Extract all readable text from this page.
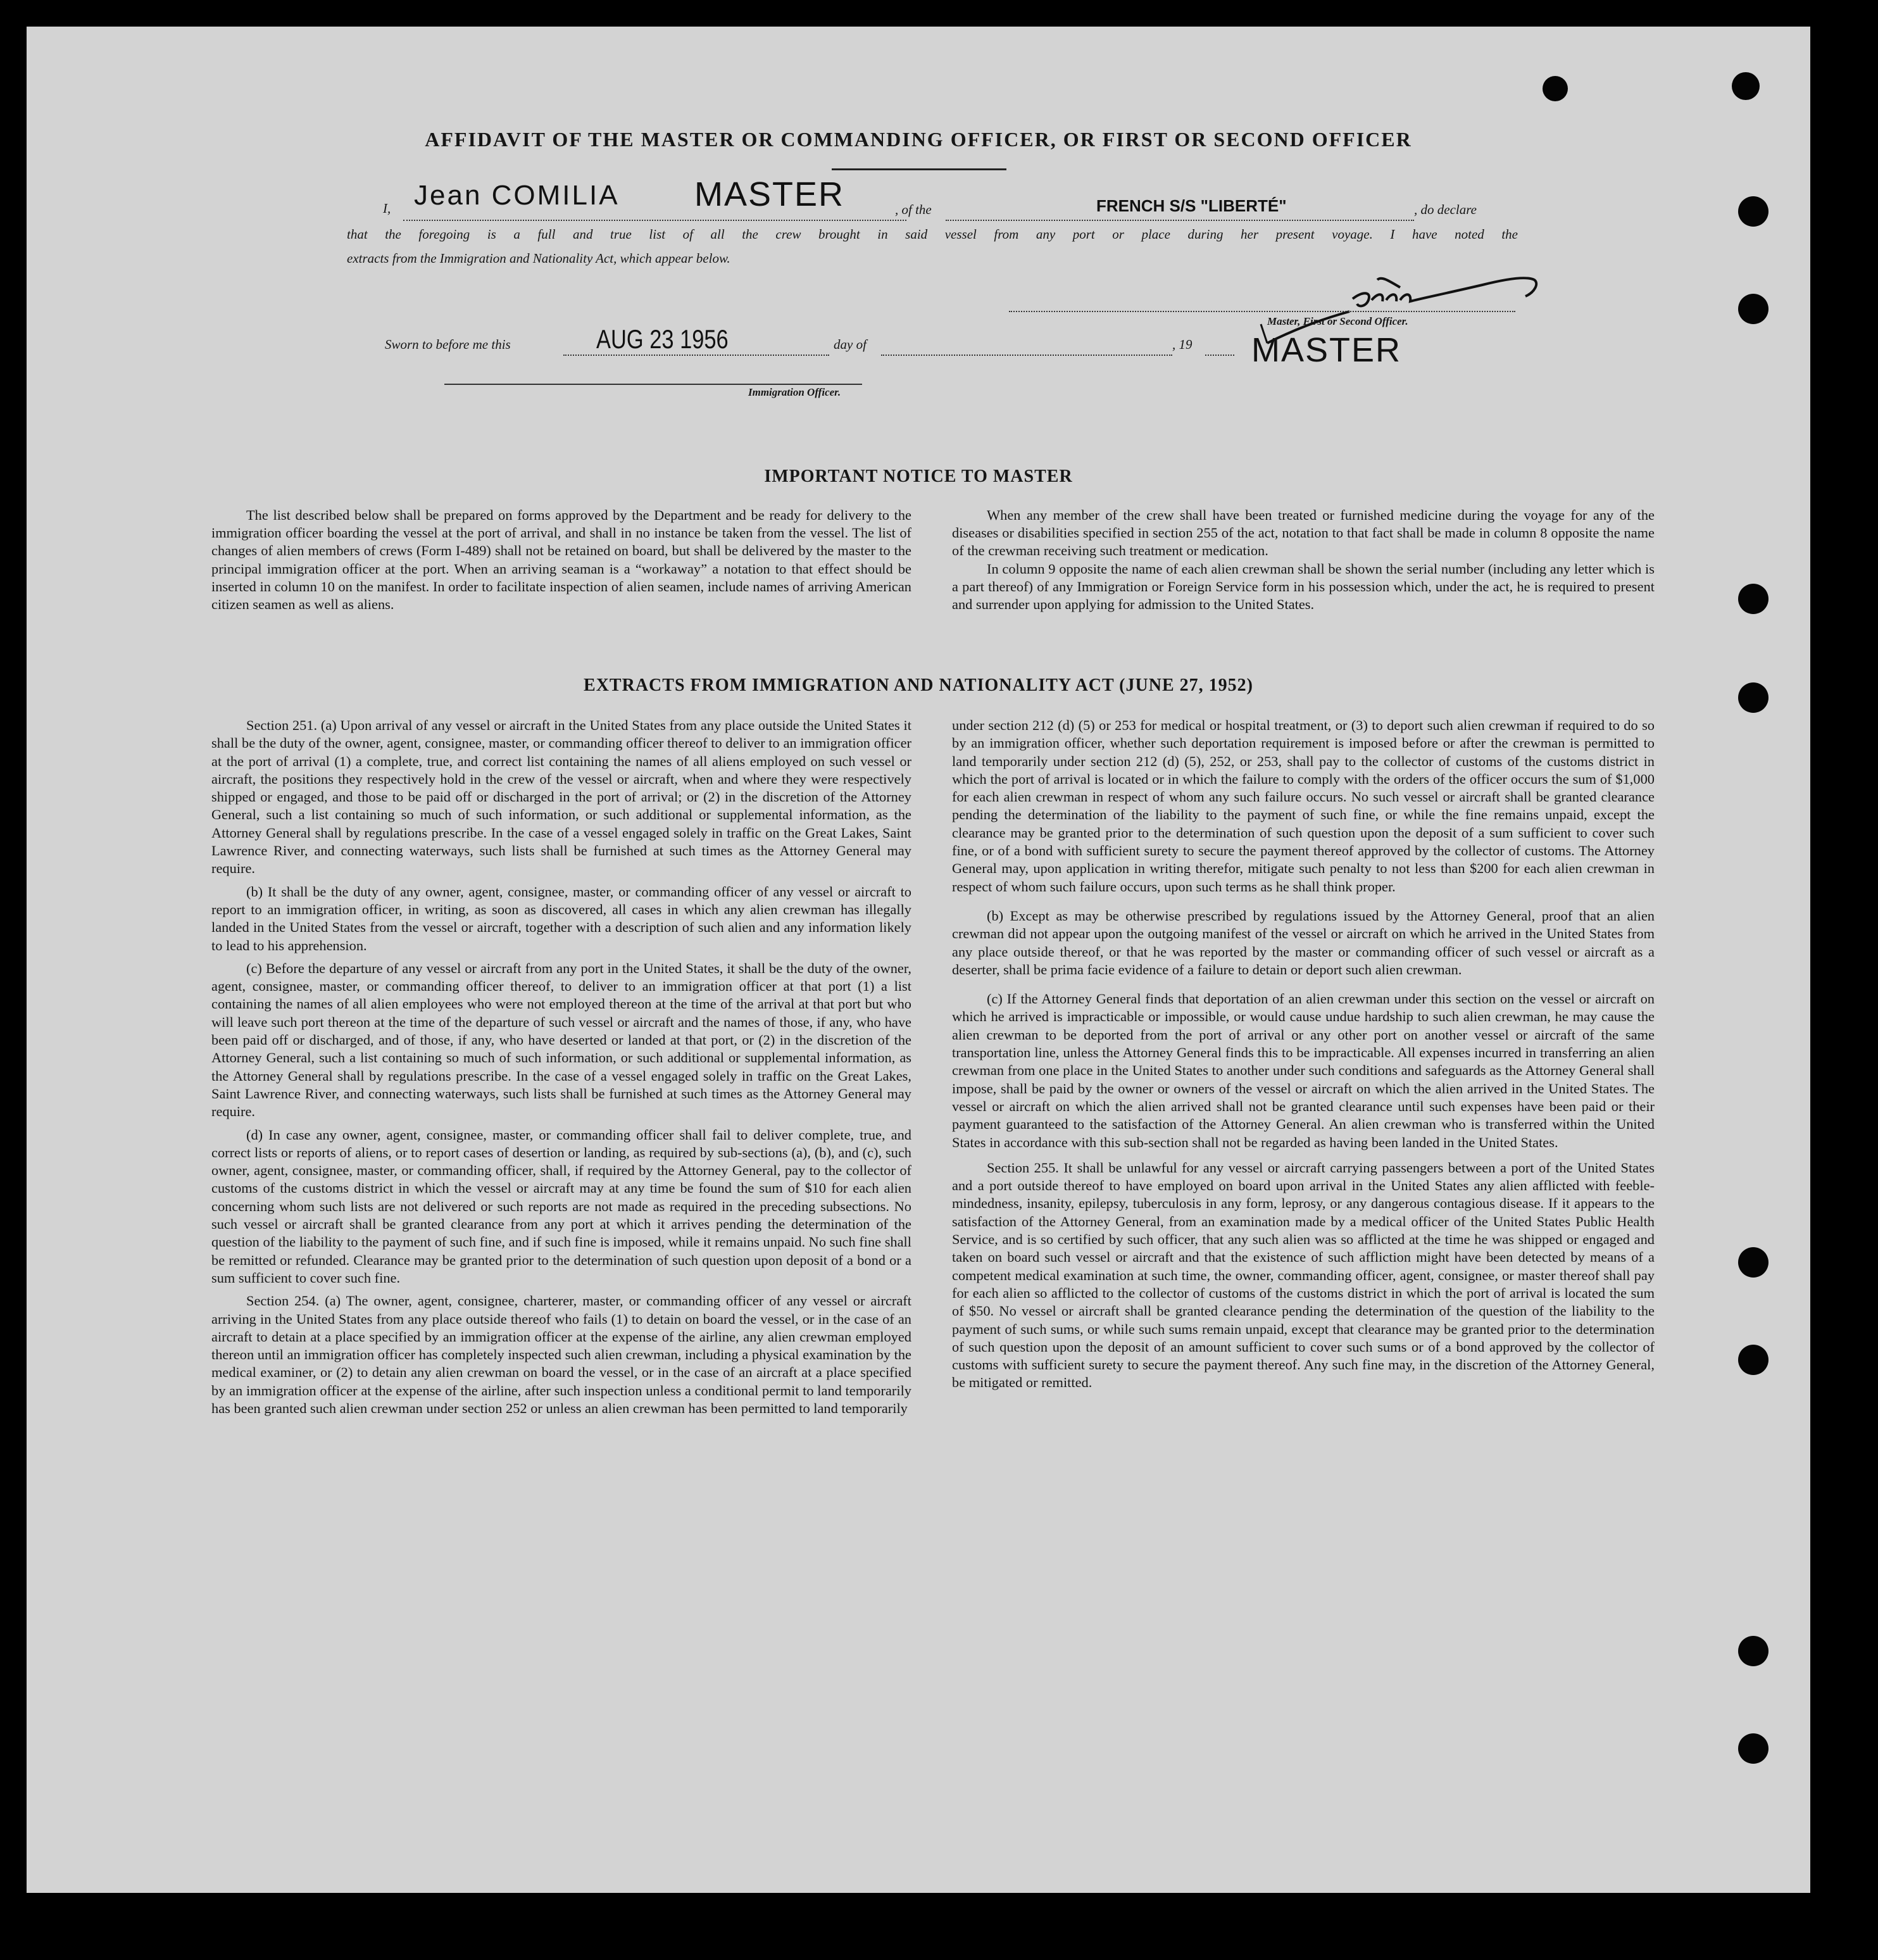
AFFIDAVIT OF THE MASTER OR COMMANDING OFFICER, OR FIRST OR SECOND OFFICER
I, Jean COMILIA MASTER	, of the	FRENCH S/S "LIBERTÉ"	, do declare
that the foregoing is a full and true list of all the crew brought in said vessel from any port or place during her present voyage. I have noted the
extracts from the Immigration and Nationality Act, which appear below.
Master, First or Second Officer.
MASTER
Sworn to before me this	AUG 23 1956	day of	, 19
Immigration Officer.
IMPORTANT NOTICE TO MASTER

The list described below shall be prepared on forms approved by the Department and be ready for delivery to the immigration officer boarding the vessel at the port of arrival, and shall in no instance be taken from the vessel. The list of changes of alien members of crews (Form I-489) shall not be retained on board, but shall be delivered by the master to the principal immigration officer at the port. When an arriving seaman is a “workaway” a notation to that effect should be inserted in column 10 on the manifest. In order to facilitate inspection of alien seamen, include names of arriving American citizen seamen as well as aliens.

When any member of the crew shall have been treated or furnished medicine during the voyage for any of the diseases or disabilities specified in section 255 of the act, notation to that fact shall be made in column 8 opposite the name of the crewman receiving such treatment or medication.

In column 9 opposite the name of each alien crewman shall be shown the serial number (including any letter which is a part thereof) of any Immigration or Foreign Service form in his possession which, under the act, he is required to present and surrender upon applying for admission to the United States.

EXTRACTS FROM IMMIGRATION AND NATIONALITY ACT (JUNE 27, 1952)

Section 251. (a) Upon arrival of any vessel or aircraft in the United States from any place outside the United States it shall be the duty of the owner, agent, consignee, master, or commanding officer thereof to deliver to an immigration officer at the port of arrival (1) a complete, true, and correct list containing the names of all aliens employed on such vessel or aircraft, the positions they respectively hold in the crew of the vessel or aircraft, when and where they were respectively shipped or engaged, and those to be paid off or discharged in the port of arrival; or (2) in the discretion of the Attorney General, such a list containing so much of such information, or such additional or supplemental information, as the Attorney General shall by regulations prescribe. In the case of a vessel engaged solely in traffic on the Great Lakes, Saint Lawrence River, and connecting waterways, such lists shall be furnished at such times as the Attorney General may require.

(b) It shall be the duty of any owner, agent, consignee, master, or commanding officer of any vessel or aircraft to report to an immigration officer, in writing, as soon as discovered, all cases in which any alien crewman has illegally landed in the United States from the vessel or aircraft, together with a description of such alien and any information likely to lead to his apprehension.

(c) Before the departure of any vessel or aircraft from any port in the United States, it shall be the duty of the owner, agent, consignee, master, or commanding officer thereof, to deliver to an immigration officer at that port (1) a list containing the names of all alien employees who were not employed thereon at the time of the arrival at that port but who will leave such port thereon at the time of the departure of such vessel or aircraft and the names of those, if any, who have been paid off or discharged, and of those, if any, who have deserted or landed at that port, or (2) in the discretion of the Attorney General, such a list containing so much of such information, or such additional or supplemental information, as the Attorney General shall by regulations prescribe. In the case of a vessel engaged solely in traffic on the Great Lakes, Saint Lawrence River, and connecting waterways, such lists shall be furnished at such times as the Attorney General may require.

(d) In case any owner, agent, consignee, master, or commanding officer shall fail to deliver complete, true, and correct lists or reports of aliens, or to report cases of desertion or landing, as required by sub-sections (a), (b), and (c), such owner, agent, consignee, master, or commanding officer, shall, if required by the Attorney General, pay to the collector of customs of the customs district in which the vessel or aircraft may at any time be found the sum of $10 for each alien concerning whom such lists are not delivered or such reports are not made as required in the preceding subsections. No such vessel or aircraft shall be granted clearance from any port at which it arrives pending the determination of the question of the liability to the payment of such fine, and if such fine is imposed, while it remains unpaid. No such fine shall be remitted or refunded. Clearance may be granted prior to the determination of such question upon deposit of a bond or a sum sufficient to cover such fine.

Section 254. (a) The owner, agent, consignee, charterer, master, or commanding officer of any vessel or aircraft arriving in the United States from any place outside thereof who fails (1) to detain on board the vessel, or in the case of an aircraft to detain at a place specified by an immigration officer at the expense of the airline, any alien crewman employed thereon until an immigration officer has completely inspected such alien crewman, including a physical examination by the medical examiner, or (2) to detain any alien crewman on board the vessel, or in the case of an aircraft at a place specified by an immigration officer at the expense of the airline, after such inspection unless a conditional permit to land temporarily has been granted such alien crewman under section 252 or unless an alien crewman has been permitted to land temporarily

under section 212 (d) (5) or 253 for medical or hospital treatment, or (3) to deport such alien crewman if required to do so by an immigration officer, whether such deportation requirement is imposed before or after the crewman is permitted to land temporarily under section 212 (d) (5), 252, or 253, shall pay to the collector of customs of the customs district in which the port of arrival is located or in which the failure to comply with the orders of the officer occurs the sum of $1,000 for each alien crewman in respect of whom any such failure occurs. No such vessel or aircraft shall be granted clearance pending the determination of the liability to the payment of such fine, or while the fine remains unpaid, except the clearance may be granted prior to the determination of such question upon the deposit of a sum sufficient to cover such fine, or of a bond with sufficient surety to secure the payment thereof approved by the collector of customs. The Attorney General may, upon application in writing therefor, mitigate such penalty to not less than $200 for each alien crewman in respect of whom such failure occurs, upon such terms as he shall think proper.

(b) Except as may be otherwise prescribed by regulations issued by the Attorney General, proof that an alien crewman did not appear upon the outgoing manifest of the vessel or aircraft on which he arrived in the United States from any place outside thereof, or that he was reported by the master or commanding officer of such vessel or aircraft as a deserter, shall be prima facie evidence of a failure to detain or deport such alien crewman.

(c) If the Attorney General finds that deportation of an alien crewman under this section on the vessel or aircraft on which he arrived is impracticable or impossible, or would cause undue hardship to such alien crewman, he may cause the alien crewman to be deported from the port of arrival or any other port on another vessel or aircraft of the same transportation line, unless the Attorney General finds this to be impracticable. All expenses incurred in transferring an alien crewman from one place in the United States to another under such conditions and safeguards as the Attorney General shall impose, shall be paid by the owner or owners of the vessel or aircraft on which the alien arrived in the United States. The vessel or aircraft on which the alien arrived shall not be granted clearance until such expenses have been paid or their payment guaranteed to the satisfaction of the Attorney General. An alien crewman who is transferred within the United States in accordance with this sub-section shall not be regarded as having been landed in the United States.

Section 255. It shall be unlawful for any vessel or aircraft carrying passengers between a port of the United States and a port outside thereof to have employed on board upon arrival in the United States any alien afflicted with feeble-mindedness, insanity, epilepsy, tuberculosis in any form, leprosy, or any dangerous contagious disease. If it appears to the satisfaction of the Attorney General, from an examination made by a medical officer of the United States Public Health Service, and is so certified by such officer, that any such alien was so afflicted at the time he was shipped or engaged and taken on board such vessel or aircraft and that the existence of such affliction might have been detected by means of a competent medical examination at such time, the owner, commanding officer, agent, consignee, or master thereof shall pay for each alien so afflicted to the collector of customs of the customs district in which the port of arrival is located the sum of $50. No vessel or aircraft shall be granted clearance pending the determination of the question of the liability to the payment of such sums, or while such sums remain unpaid, except that clearance may be granted prior to the determination of such question upon the deposit of an amount sufficient to cover such sums or of a bond approved by the collector of customs with sufficient surety to secure the payment thereof. Any such fine may, in the discretion of the Attorney General, be mitigated or remitted.
